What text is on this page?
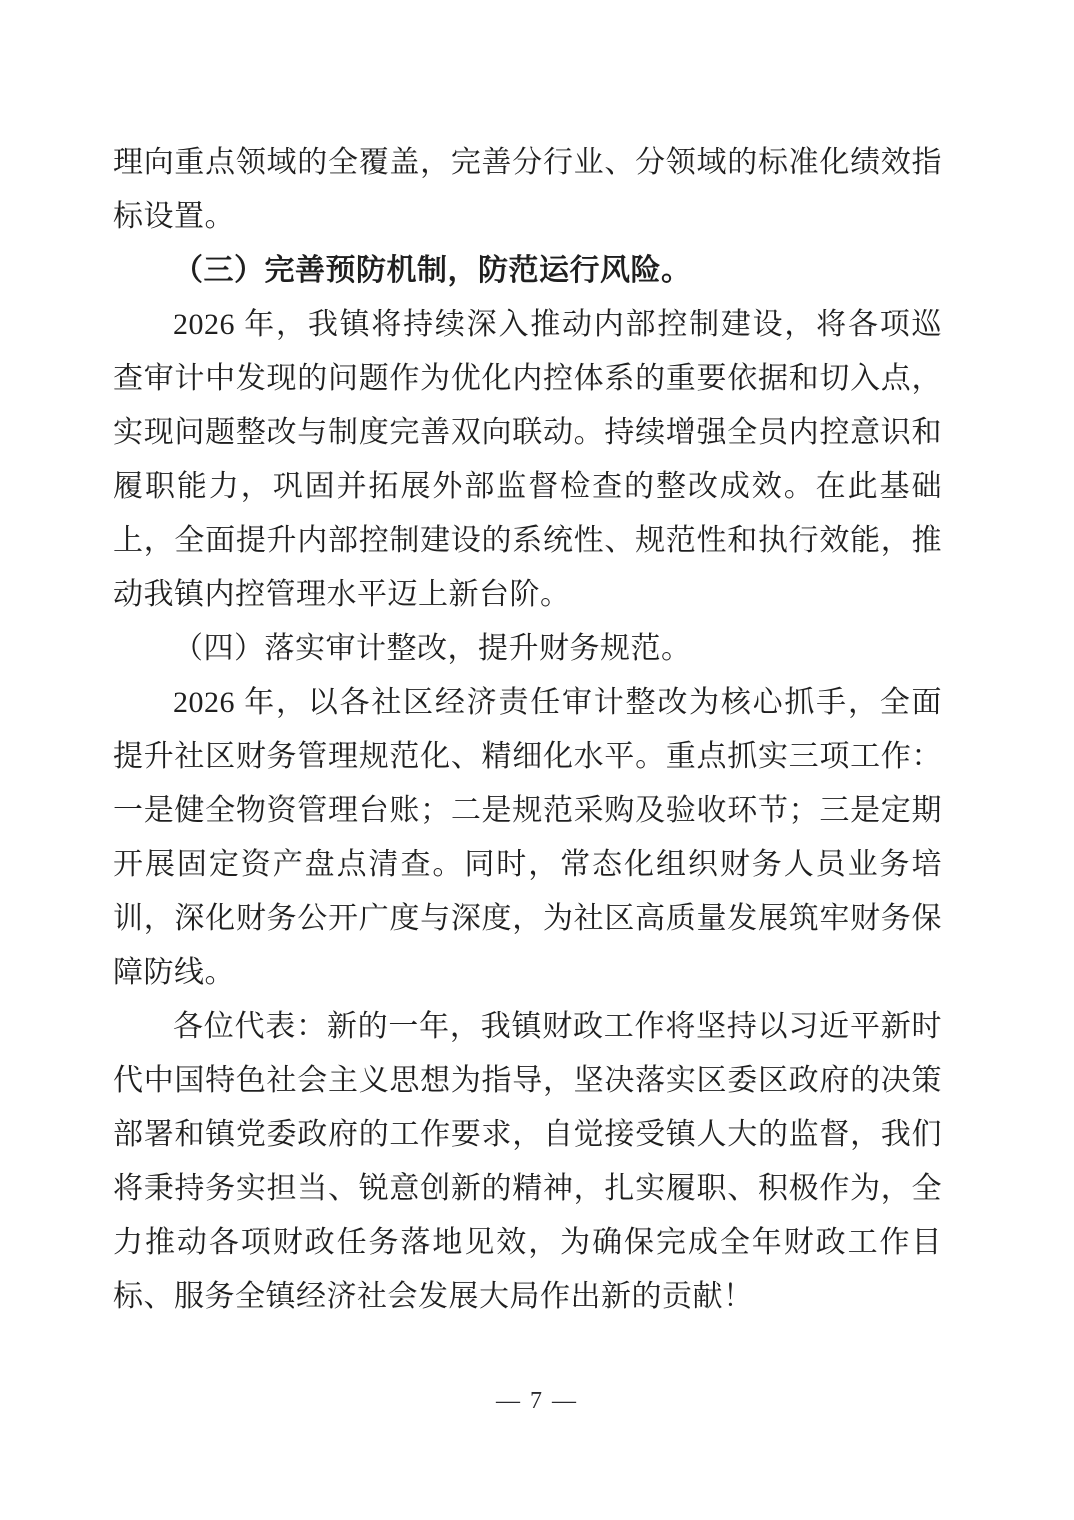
理向重点领域的全覆盖，完善分行业、分领域的标准化绩效指标设置。

（三）完善预防机制，防范运行风险。

2026 年，我镇将持续深入推动内部控制建设，将各项巡查审计中发现的问题作为优化内控体系的重要依据和切入点，实现问题整改与制度完善双向联动。持续增强全员内控意识和履职能力，巩固并拓展外部监督检查的整改成效。在此基础上，全面提升内部控制建设的系统性、规范性和执行效能，推动我镇内控管理水平迈上新台阶。

（四）落实审计整改，提升财务规范。

2026 年，以各社区经济责任审计整改为核心抓手，全面提升社区财务管理规范化、精细化水平。重点抓实三项工作：一是健全物资管理台账；二是规范采购及验收环节；三是定期开展固定资产盘点清查。同时，常态化组织财务人员业务培训，深化财务公开广度与深度，为社区高质量发展筑牢财务保障防线。

各位代表：新的一年，我镇财政工作将坚持以习近平新时代中国特色社会主义思想为指导，坚决落实区委区政府的决策部署和镇党委政府的工作要求，自觉接受镇人大的监督，我们将秉持务实担当、锐意创新的精神，扎实履职、积极作为，全力推动各项财政任务落地见效，为确保完成全年财政工作目标、服务全镇经济社会发展大局作出新的贡献！

— 7 —
